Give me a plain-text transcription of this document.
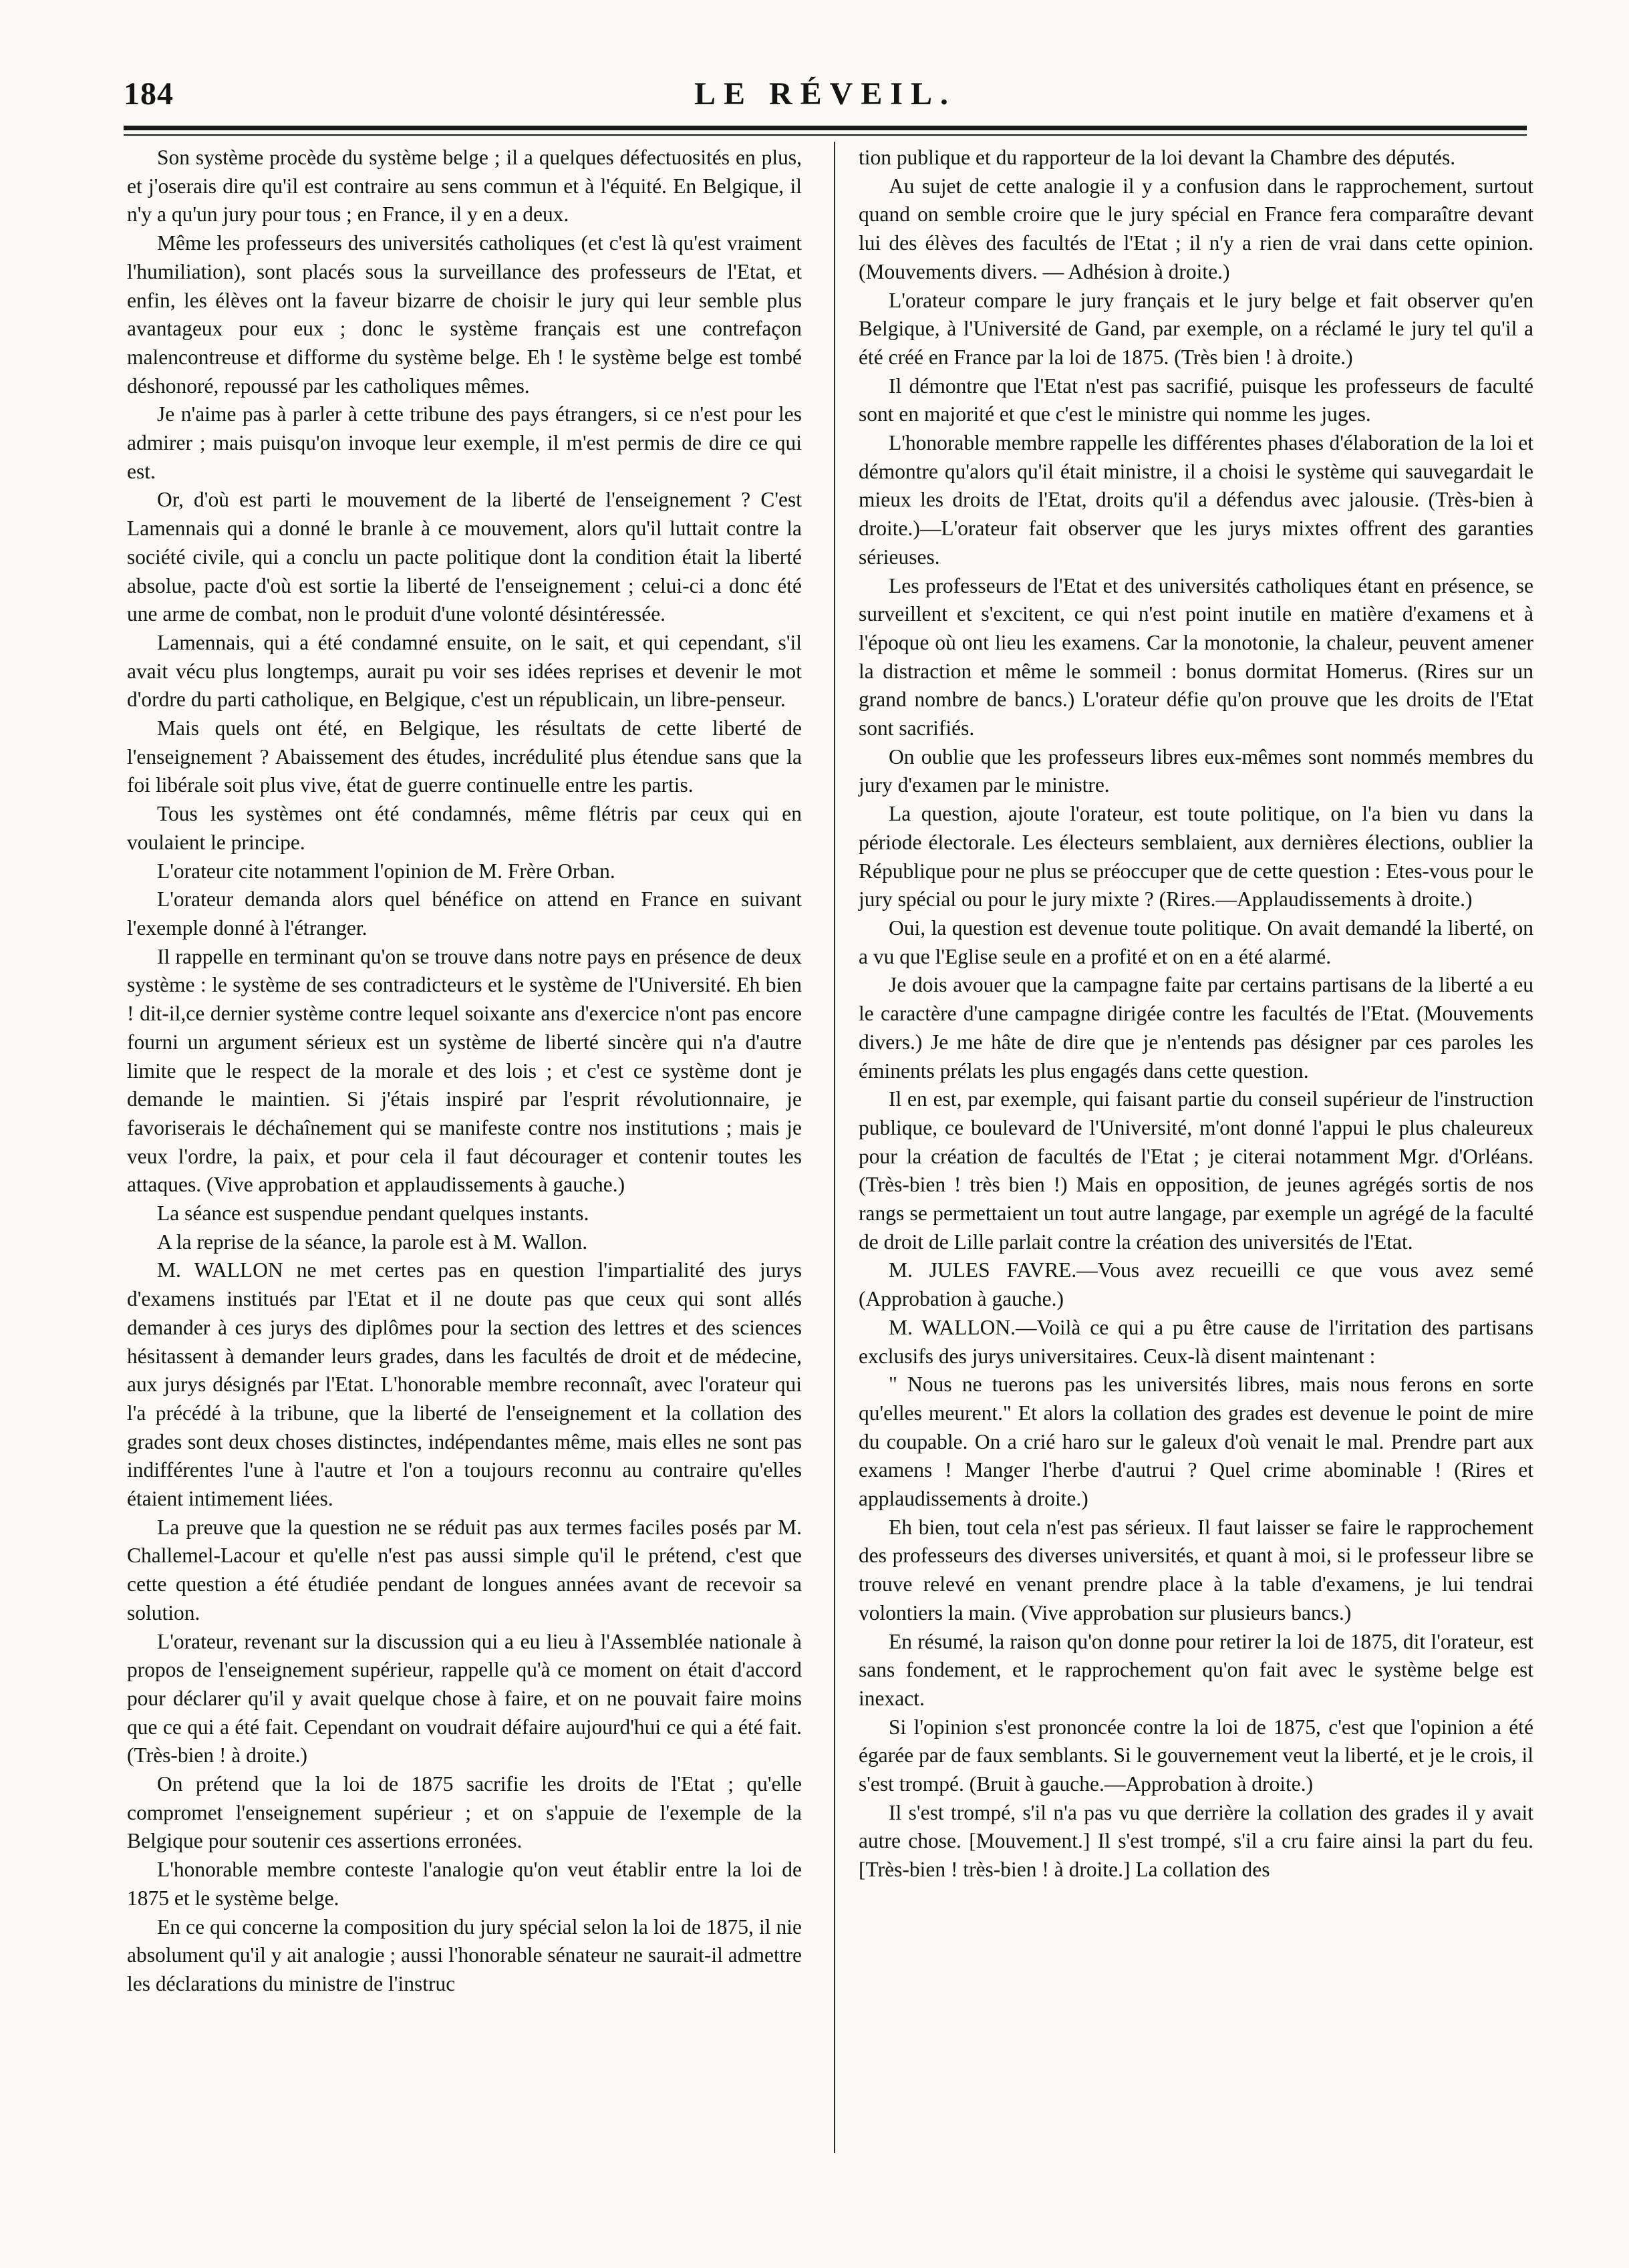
184	LE RÉVEIL.

Son système procède du système belge ; il a quelques défectuosités en plus, et j'oserais dire qu'il est contraire au sens commun et à l'équité. En Belgique, il n'y a qu'un jury pour tous ; en France, il y en a deux.

Même les professeurs des universités catholiques (et c'est là qu'est vraiment l'humiliation), sont placés sous la surveillance des professeurs de l'Etat, et enfin, les élèves ont la faveur bizarre de choisir le jury qui leur semble plus avantageux pour eux ; donc le système français est une contrefaçon malencontreuse et difforme du système belge. Eh ! le système belge est tombé déshonoré, repoussé par les catholiques mêmes.

Je n'aime pas à parler à cette tribune des pays étrangers, si ce n'est pour les admirer ; mais puisqu'on invoque leur exemple, il m'est permis de dire ce qui est.

Or, d'où est parti le mouvement de la liberté de l'enseignement ? C'est Lamennais qui a donné le branle à ce mouvement, alors qu'il luttait contre la société civile, qui a conclu un pacte politique dont la condition était la liberté absolue, pacte d'où est sortie la liberté de l'enseignement ; celui-ci a donc été une arme de combat, non le produit d'une volonté désintéressée.

Lamennais, qui a été condamné ensuite, on le sait, et qui cependant, s'il avait vécu plus longtemps, aurait pu voir ses idées reprises et devenir le mot d'ordre du parti catholique, en Belgique, c'est un républicain, un libre-penseur.

Mais quels ont été, en Belgique, les résultats de cette liberté de l'enseignement ? Abaissement des études, incrédulité plus étendue sans que la foi libérale soit plus vive, état de guerre continuelle entre les partis.

Tous les systèmes ont été condamnés, même flétris par ceux qui en voulaient le principe.

L'orateur cite notamment l'opinion de M. Frère Orban.

L'orateur demanda alors quel bénéfice on attend en France en suivant l'exemple donné à l'étranger.

Il rappelle en terminant qu'on se trouve dans notre pays en présence de deux système : le système de ses contradicteurs et le système de l'Université. Eh bien ! dit-il,ce dernier système contre lequel soixante ans d'exercice n'ont pas encore fourni un argument sérieux est un système de liberté sincère qui n'a d'autre limite que le respect de la morale et des lois ; et c'est ce système dont je demande le maintien. Si j'étais inspiré par l'esprit révolutionnaire, je favoriserais le déchaînement qui se manifeste contre nos institutions ; mais je veux l'ordre, la paix, et pour cela il faut décourager et contenir toutes les attaques. (Vive approbation et applaudissements à gauche.)

La séance est suspendue pendant quelques instants.

A la reprise de la séance, la parole est à M. Wallon.

M. WALLON ne met certes pas en question l'impartialité des jurys d'examens institués par l'Etat et il ne doute pas que ceux qui sont allés demander à ces jurys des diplômes pour la section des lettres et des sciences hésitassent à demander leurs grades, dans les facultés de droit et de médecine, aux jurys désignés par l'Etat. L'honorable membre reconnaît, avec l'orateur qui l'a précédé à la tribune, que la liberté de l'enseignement et la collation des grades sont deux choses distinctes, indépendantes même, mais elles ne sont pas indifférentes l'une à l'autre et l'on a toujours reconnu au contraire qu'elles étaient intimement liées.

La preuve que la question ne se réduit pas aux termes faciles posés par M. Challemel-Lacour et qu'elle n'est pas aussi simple qu'il le prétend, c'est que cette question a été étudiée pendant de longues années avant de recevoir sa solution.

L'orateur, revenant sur la discussion qui a eu lieu à l'Assemblée nationale à propos de l'enseignement supérieur, rappelle qu'à ce moment on était d'accord pour déclarer qu'il y avait quelque chose à faire, et on ne pouvait faire moins que ce qui a été fait. Cependant on voudrait défaire aujourd'hui ce qui a été fait. (Très-bien ! à droite.)

On prétend que la loi de 1875 sacrifie les droits de l'Etat ; qu'elle compromet l'enseignement supérieur ; et on s'appuie de l'exemple de la Belgique pour soutenir ces assertions erronées.

L'honorable membre conteste l'analogie qu'on veut établir entre la loi de 1875 et le système belge.

En ce qui concerne la composition du jury spécial selon la loi de 1875, il nie absolument qu'il y ait analogie ; aussi l'honorable sénateur ne saurait-il admettre les déclarations du ministre de l'instruc

tion publique et du rapporteur de la loi devant la Chambre des députés.

Au sujet de cette analogie il y a confusion dans le rapprochement, surtout quand on semble croire que le jury spécial en France fera comparaître devant lui des élèves des facultés de l'Etat ; il n'y a rien de vrai dans cette opinion. (Mouvements divers. — Adhésion à droite.)

L'orateur compare le jury français et le jury belge et fait observer qu'en Belgique, à l'Université de Gand, par exemple, on a réclamé le jury tel qu'il a été créé en France par la loi de 1875. (Très bien ! à droite.)

Il démontre que l'Etat n'est pas sacrifié, puisque les professeurs de faculté sont en majorité et que c'est le ministre qui nomme les juges.

L'honorable membre rappelle les différentes phases d'élaboration de la loi et démontre qu'alors qu'il était ministre, il a choisi le système qui sauvegardait le mieux les droits de l'Etat, droits qu'il a défendus avec jalousie. (Très-bien à droite.)—L'orateur fait observer que les jurys mixtes offrent des garanties sérieuses.

Les professeurs de l'Etat et des universités catholiques étant en présence, se surveillent et s'excitent, ce qui n'est point inutile en matière d'examens et à l'époque où ont lieu les examens. Car la monotonie, la chaleur, peuvent amener la distraction et même le sommeil : bonus dormitat Homerus. (Rires sur un grand nombre de bancs.) L'orateur défie qu'on prouve que les droits de l'Etat sont sacrifiés.

On oublie que les professeurs libres eux-mêmes sont nommés membres du jury d'examen par le ministre.

La question, ajoute l'orateur, est toute politique, on l'a bien vu dans la période électorale. Les électeurs semblaient, aux dernières élections, oublier la République pour ne plus se préoccuper que de cette question : Etes-vous pour le jury spécial ou pour le jury mixte ? (Rires.—Applaudissements à droite.)

Oui, la question est devenue toute politique. On avait demandé la liberté, on a vu que l'Eglise seule en a profité et on en a été alarmé.

Je dois avouer que la campagne faite par certains partisans de la liberté a eu le caractère d'une campagne dirigée contre les facultés de l'Etat. (Mouvements divers.) Je me hâte de dire que je n'entends pas désigner par ces paroles les éminents prélats les plus engagés dans cette question.

Il en est, par exemple, qui faisant partie du conseil supérieur de l'instruction publique, ce boulevard de l'Université, m'ont donné l'appui le plus chaleureux pour la création de facultés de l'Etat ; je citerai notamment Mgr. d'Orléans. (Très-bien ! très bien !) Mais en opposition, de jeunes agrégés sortis de nos rangs se permettaient un tout autre langage, par exemple un agrégé de la faculté de droit de Lille parlait contre la création des universités de l'Etat.

M. JULES FAVRE.—Vous avez recueilli ce que vous avez semé (Approbation à gauche.)

M. WALLON.—Voilà ce qui a pu être cause de l'irritation des partisans exclusifs des jurys universitaires. Ceux-là disent maintenant :

" Nous ne tuerons pas les universités libres, mais nous ferons en sorte qu'elles meurent." Et alors la collation des grades est devenue le point de mire du coupable. On a crié haro sur le galeux d'où venait le mal. Prendre part aux examens ! Manger l'herbe d'autrui ? Quel crime abominable ! (Rires et applaudissements à droite.)

Eh bien, tout cela n'est pas sérieux. Il faut laisser se faire le rapprochement des professeurs des diverses universités, et quant à moi, si le professeur libre se trouve relevé en venant prendre place à la table d'examens, je lui tendrai volontiers la main. (Vive approbation sur plusieurs bancs.)

En résumé, la raison qu'on donne pour retirer la loi de 1875, dit l'orateur, est sans fondement, et le rapprochement qu'on fait avec le système belge est inexact.

Si l'opinion s'est prononcée contre la loi de 1875, c'est que l'opinion a été égarée par de faux semblants. Si le gouvernement veut la liberté, et je le crois, il s'est trompé. (Bruit à gauche.—Approbation à droite.)

Il s'est trompé, s'il n'a pas vu que derrière la collation des grades il y avait autre chose. [Mouvement.] Il s'est trompé, s'il a cru faire ainsi la part du feu. [Très-bien ! très-bien ! à droite.] La collation des
